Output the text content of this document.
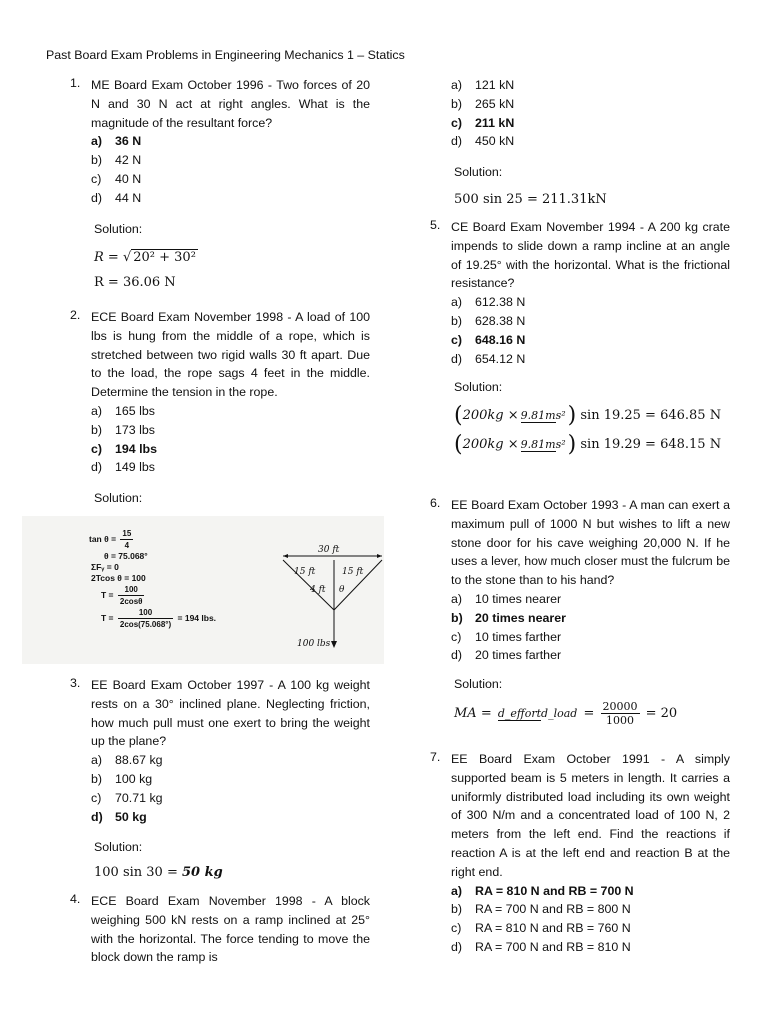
Past Board Exam Problems in Engineering Mechanics 1 – Statics
1. ME Board Exam October 1996 - Two forces of 20 N and 30 N act at right angles. What is the magnitude of the resultant force?
a) 36 N
b) 42 N
c) 40 N
d) 44 N
Solution:
R = √ 20² + 30²
R = 36.06 N
2. ECE Board Exam November 1998 - A load of 100 lbs is hung from the middle of a rope, which is stretched between two rigid walls 30 ft apart. Due to the load, the rope sags 4 feet in the middle. Determine the tension in the rope.
a) 165 lbs
b) 173 lbs
c) 194 lbs
d) 149 lbs
Solution:
3. EE Board Exam October 1997 - A 100 kg weight rests on a 30° inclined plane. Neglecting friction, how much pull must one exert to bring the weight up the plane?
a) 88.67 kg
b) 100 kg
c) 70.71 kg
d) 50 kg
Solution:
100 sin 30 = 50 kg
4. ECE Board Exam November 1998 - A block weighing 500 kN rests on a ramp inclined at 25° with the horizontal. The force tending to move the block down the ramp is
$\tan \theta = \frac{15}{4}$
θ = 75.068°
ΣFᵧ = 0
2Tcos θ = 100
$T = \frac{100}{2\cos\theta}$
$T = \frac{100}{2\cos(75.068^\circ)} = 194$ lbs.
30 ft
15 ft	15 ft
4 ft θ
100 lbs
a) 121 kN
b) 265 kN
c) 211 kN
d) 450 kN
Solution:
500 sin 25 = 211.31kN
5. CE Board Exam November 1994 - A 200 kg crate impends to slide down a ramp incline at an angle of 19.25° with the horizontal. What is the frictional resistance?
a) 612.38 N
b) 628.38 N
c) 648.16 N
d) 654.12 N
Solution:
(200kg × 9.81ms²) sin 19.25 = 646.85 N
(200kg × 9.81ms²) sin 19.29 = 648.15 N
6. EE Board Exam October 1993 - A man can exert a maximum pull of 1000 N but wishes to lift a new stone door for his cave weighing 20,000 N. If he uses a lever, how much closer must the fulcrum be to the stone than to his hand?
a) 10 times nearer
b) 20 times nearer
c) 10 times farther
d) 20 times farther
Solution:
MA = d_effortd_load = $\frac{20000}{1000} = 20$
7. EE Board Exam October 1991 - A simply supported beam is 5 meters in length. It carries a uniformly distributed load including its own weight of 300 N/m and a concentrated load of 100 N, 2 meters from the left end. Find the reactions if reaction A is at the left end and reaction B at the right end.
a) RA = 810 N and RB = 700 N
b) RA = 700 N and RB = 800 N
c) RA = 810 N and RB = 760 N
d) RA = 700 N and RB = 810 N
